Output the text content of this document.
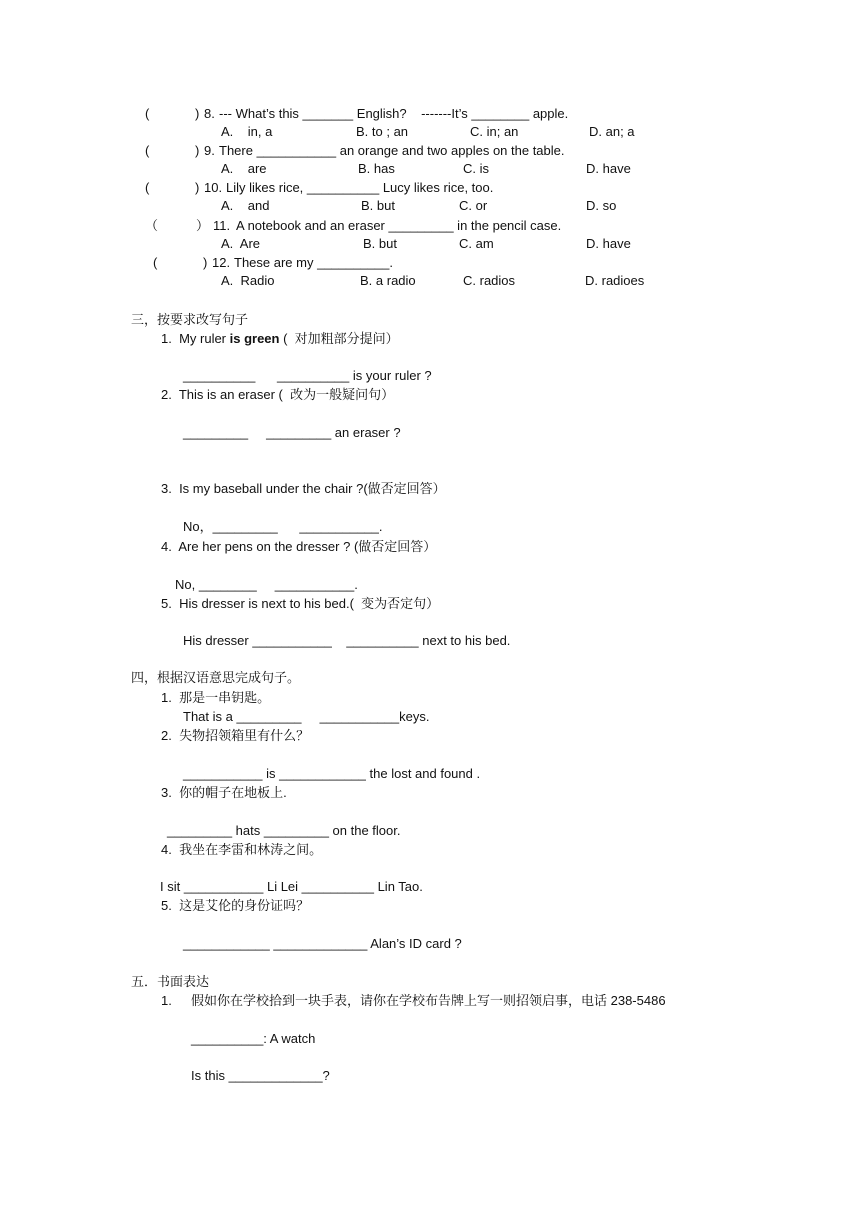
(	) 8. --- What’s this _______ English?    -------It’s ________ apple.
A.    in, a	B. to ; an	C. in; an	D. an; a
(	) 9. There ___________ an orange and two apples on the table.
A.    are	B. has	C. is	D. have
(	) 10. Lily likes rice, __________ Lucy likes rice, too.
A.    and	B. but	C. or	D. so
（	） 11. A notebook and an eraser _________ in the pencil case.
A.  Are	B. but	C. am	D. have
(	) 12. These are my __________.
A.  Radio	B. a radio	C. radios	D. radioes
三，按要求改写句子
1.  My ruler is green (  对加粗部分提问）
__________      __________ is your ruler ?
2.  This is an eraser (  改为一般疑问句）
_________     _________ an eraser ?
3.  Is my baseball under the chair ?(做否定回答）
No，_________      ___________.
4.  Are her pens on the dresser ? (做否定回答）
No, ________     ___________.
5.  His dresser is next to his bed.(  变为否定句）
His dresser ___________    __________ next to his bed.
四，根据汉语意思完成句子。
1.  那是一串钥匙。
That is a _________     ___________keys.
2.  失物招领箱里有什么？
___________ is ____________ the lost and found .
3.  你的帽子在地板上.
_________ hats _________ on the floor.
4.  我坐在李雷和林涛之间。
I sit ___________ Li Lei __________ Lin Tao.
5.  这是艾伦的身份证吗？
____________ _____________ Alan’s ID card ?
五．书面表达
1. 假如你在学校拾到一块手表，请你在学校布告牌上写一则招领启事，电话 238-5486
__________: A watch
Is this _____________?
